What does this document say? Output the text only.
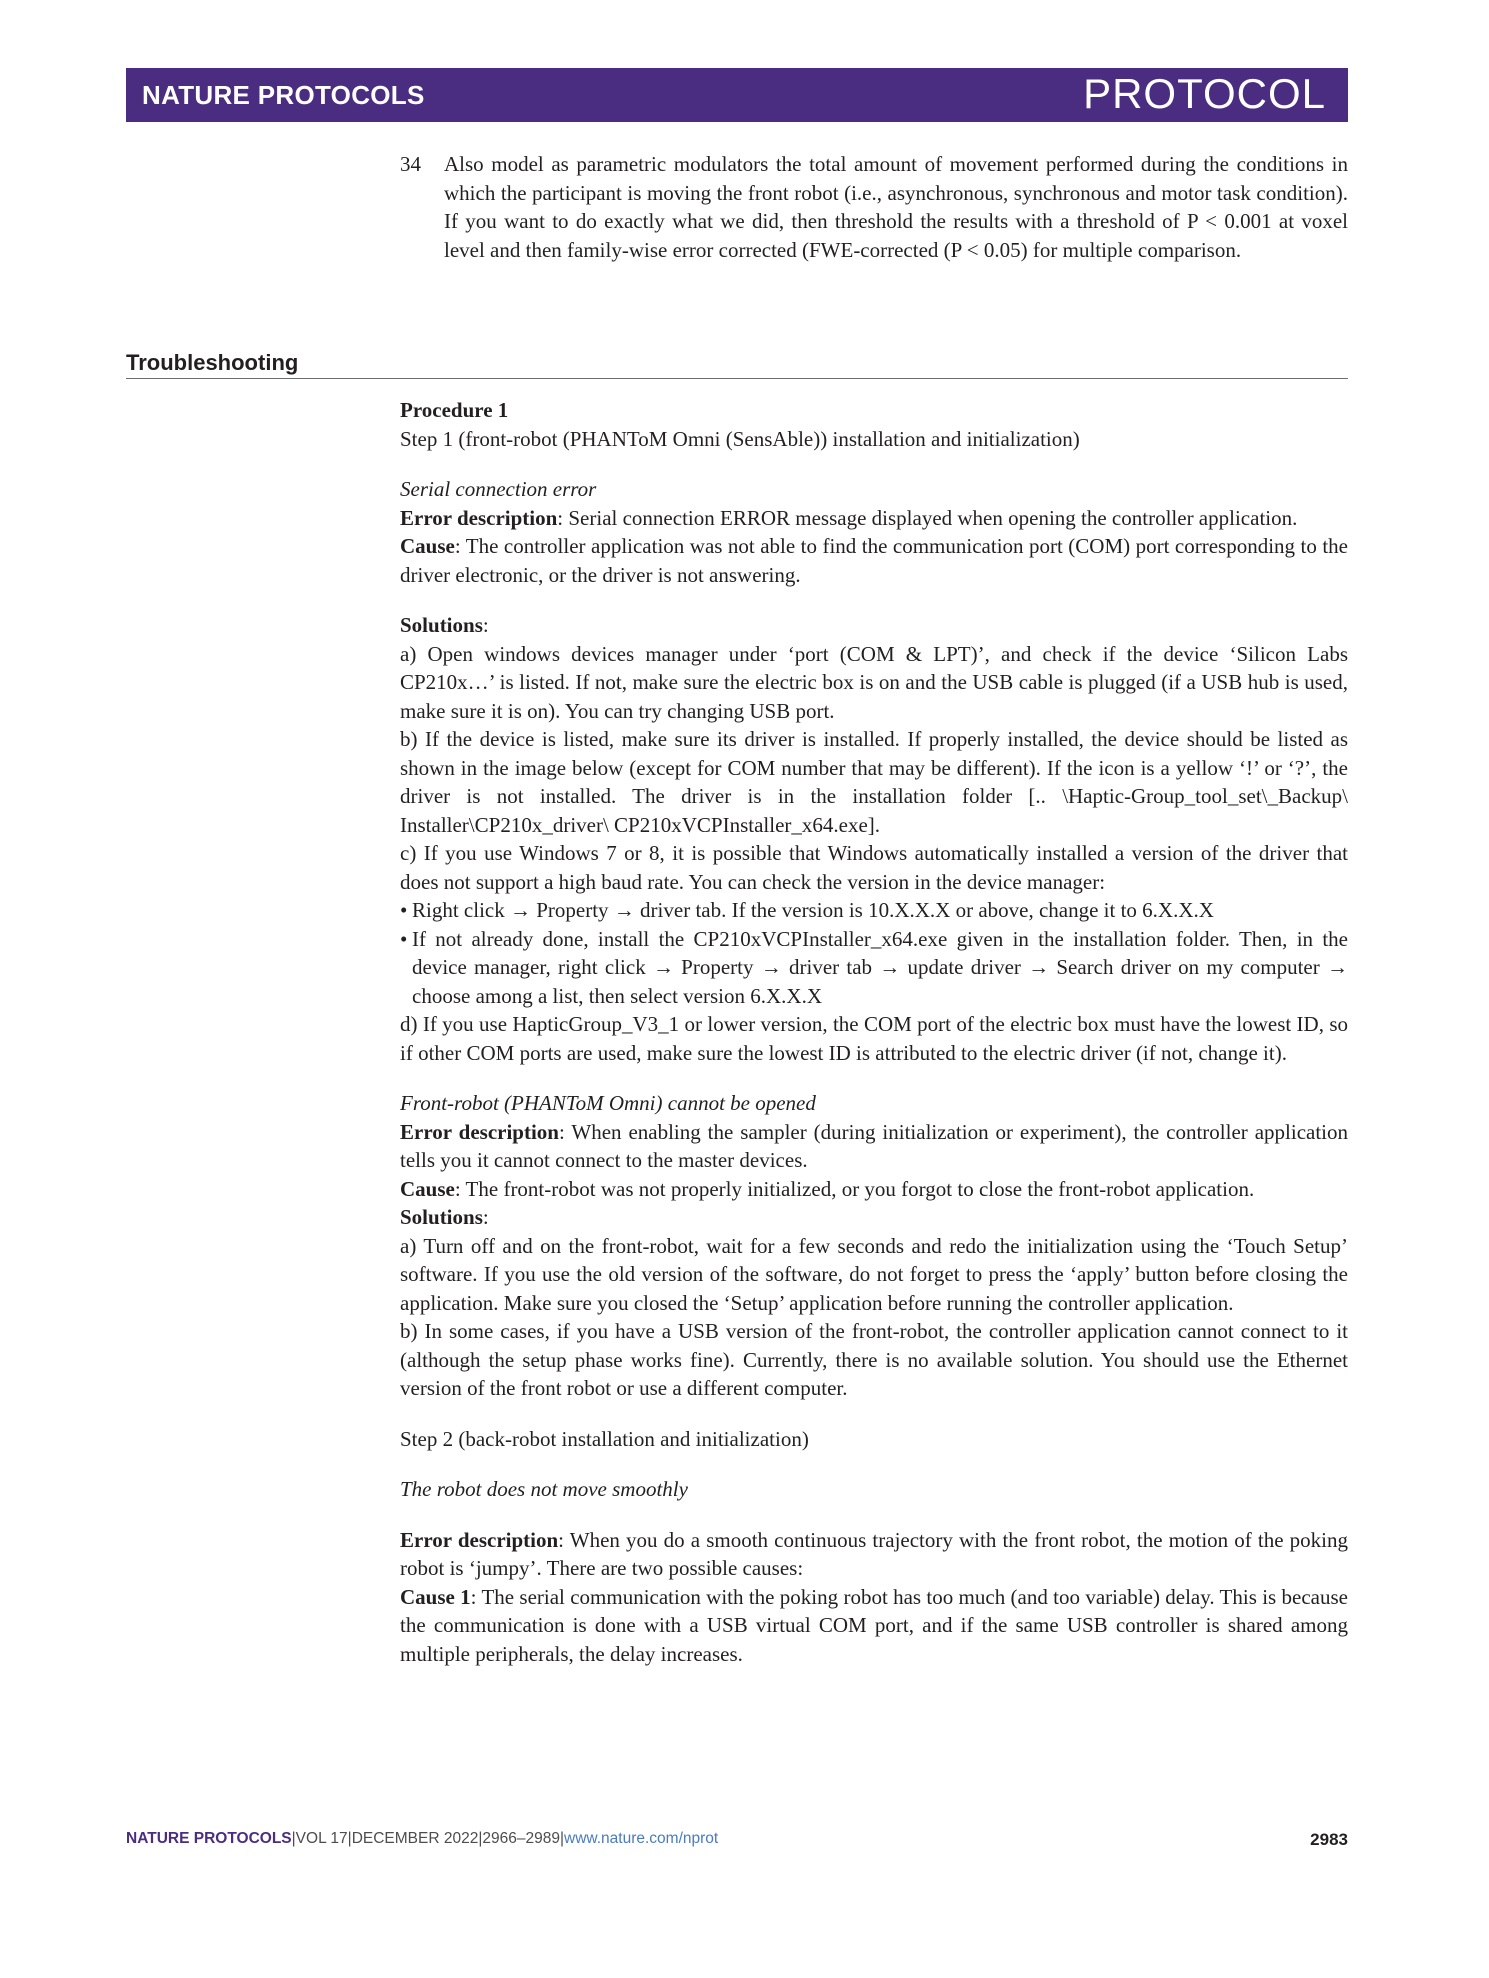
NATURE PROTOCOLS	PROTOCOL
34 Also model as parametric modulators the total amount of movement performed during the conditions in which the participant is moving the front robot (i.e., asynchronous, synchronous and motor task condition). If you want to do exactly what we did, then threshold the results with a threshold of P < 0.001 at voxel level and then family-wise error corrected (FWE-corrected (P < 0.05) for multiple comparison.

Troubleshooting

Procedure 1

Step 1 (front-robot (PHANToM Omni (SensAble)) installation and initialization)

Serial connection error

Error description: Serial connection ERROR message displayed when opening the controller application.

Cause: The controller application was not able to find the communication port (COM) port corresponding to the driver electronic, or the driver is not answering.

Solutions:

a) Open windows devices manager under ‘port (COM & LPT)’, and check if the device ‘Silicon Labs CP210x…’ is listed. If not, make sure the electric box is on and the USB cable is plugged (if a USB hub is used, make sure it is on). You can try changing USB port.

b) If the device is listed, make sure its driver is installed. If properly installed, the device should be listed as shown in the image below (except for COM number that may be different). If the icon is a yellow ‘!’ or ‘?’, the driver is not installed. The driver is in the installation folder [.. \Haptic-Group_tool_set\_Backup\ Installer\CP210x_driver\ CP210xVCPInstaller_x64.exe].

c) If you use Windows 7 or 8, it is possible that Windows automatically installed a version of the driver that does not support a high baud rate. You can check the version in the device manager:

• Right click → Property → driver tab. If the version is 10.X.X.X or above, change it to 6.X.X.X
• If not already done, install the CP210xVCPInstaller_x64.exe given in the installation folder. Then, in the device manager, right click → Property → driver tab → update driver → Search driver on my computer → choose among a list, then select version 6.X.X.X

d) If you use HapticGroup_V3_1 or lower version, the COM port of the electric box must have the lowest ID, so if other COM ports are used, make sure the lowest ID is attributed to the electric driver (if not, change it).

Front-robot (PHANToM Omni) cannot be opened

Error description: When enabling the sampler (during initialization or experiment), the controller application tells you it cannot connect to the master devices.

Cause: The front-robot was not properly initialized, or you forgot to close the front-robot application.

Solutions:

a) Turn off and on the front-robot, wait for a few seconds and redo the initialization using the ‘Touch Setup’ software. If you use the old version of the software, do not forget to press the ‘apply’ button before closing the application. Make sure you closed the ‘Setup’ application before running the controller application.

b) In some cases, if you have a USB version of the front-robot, the controller application cannot connect to it (although the setup phase works fine). Currently, there is no available solution. You should use the Ethernet version of the front robot or use a different computer.

Step 2 (back-robot installation and initialization)

The robot does not move smoothly

Error description: When you do a smooth continuous trajectory with the front robot, the motion of the poking robot is ‘jumpy’. There are two possible causes:

Cause 1: The serial communication with the poking robot has too much (and too variable) delay. This is because the communication is done with a USB virtual COM port, and if the same USB controller is shared among multiple peripherals, the delay increases.

NATURE PROTOCOLS|VOL 17|DECEMBER 2022|2966–2989|www.nature.com/nprot	2983
